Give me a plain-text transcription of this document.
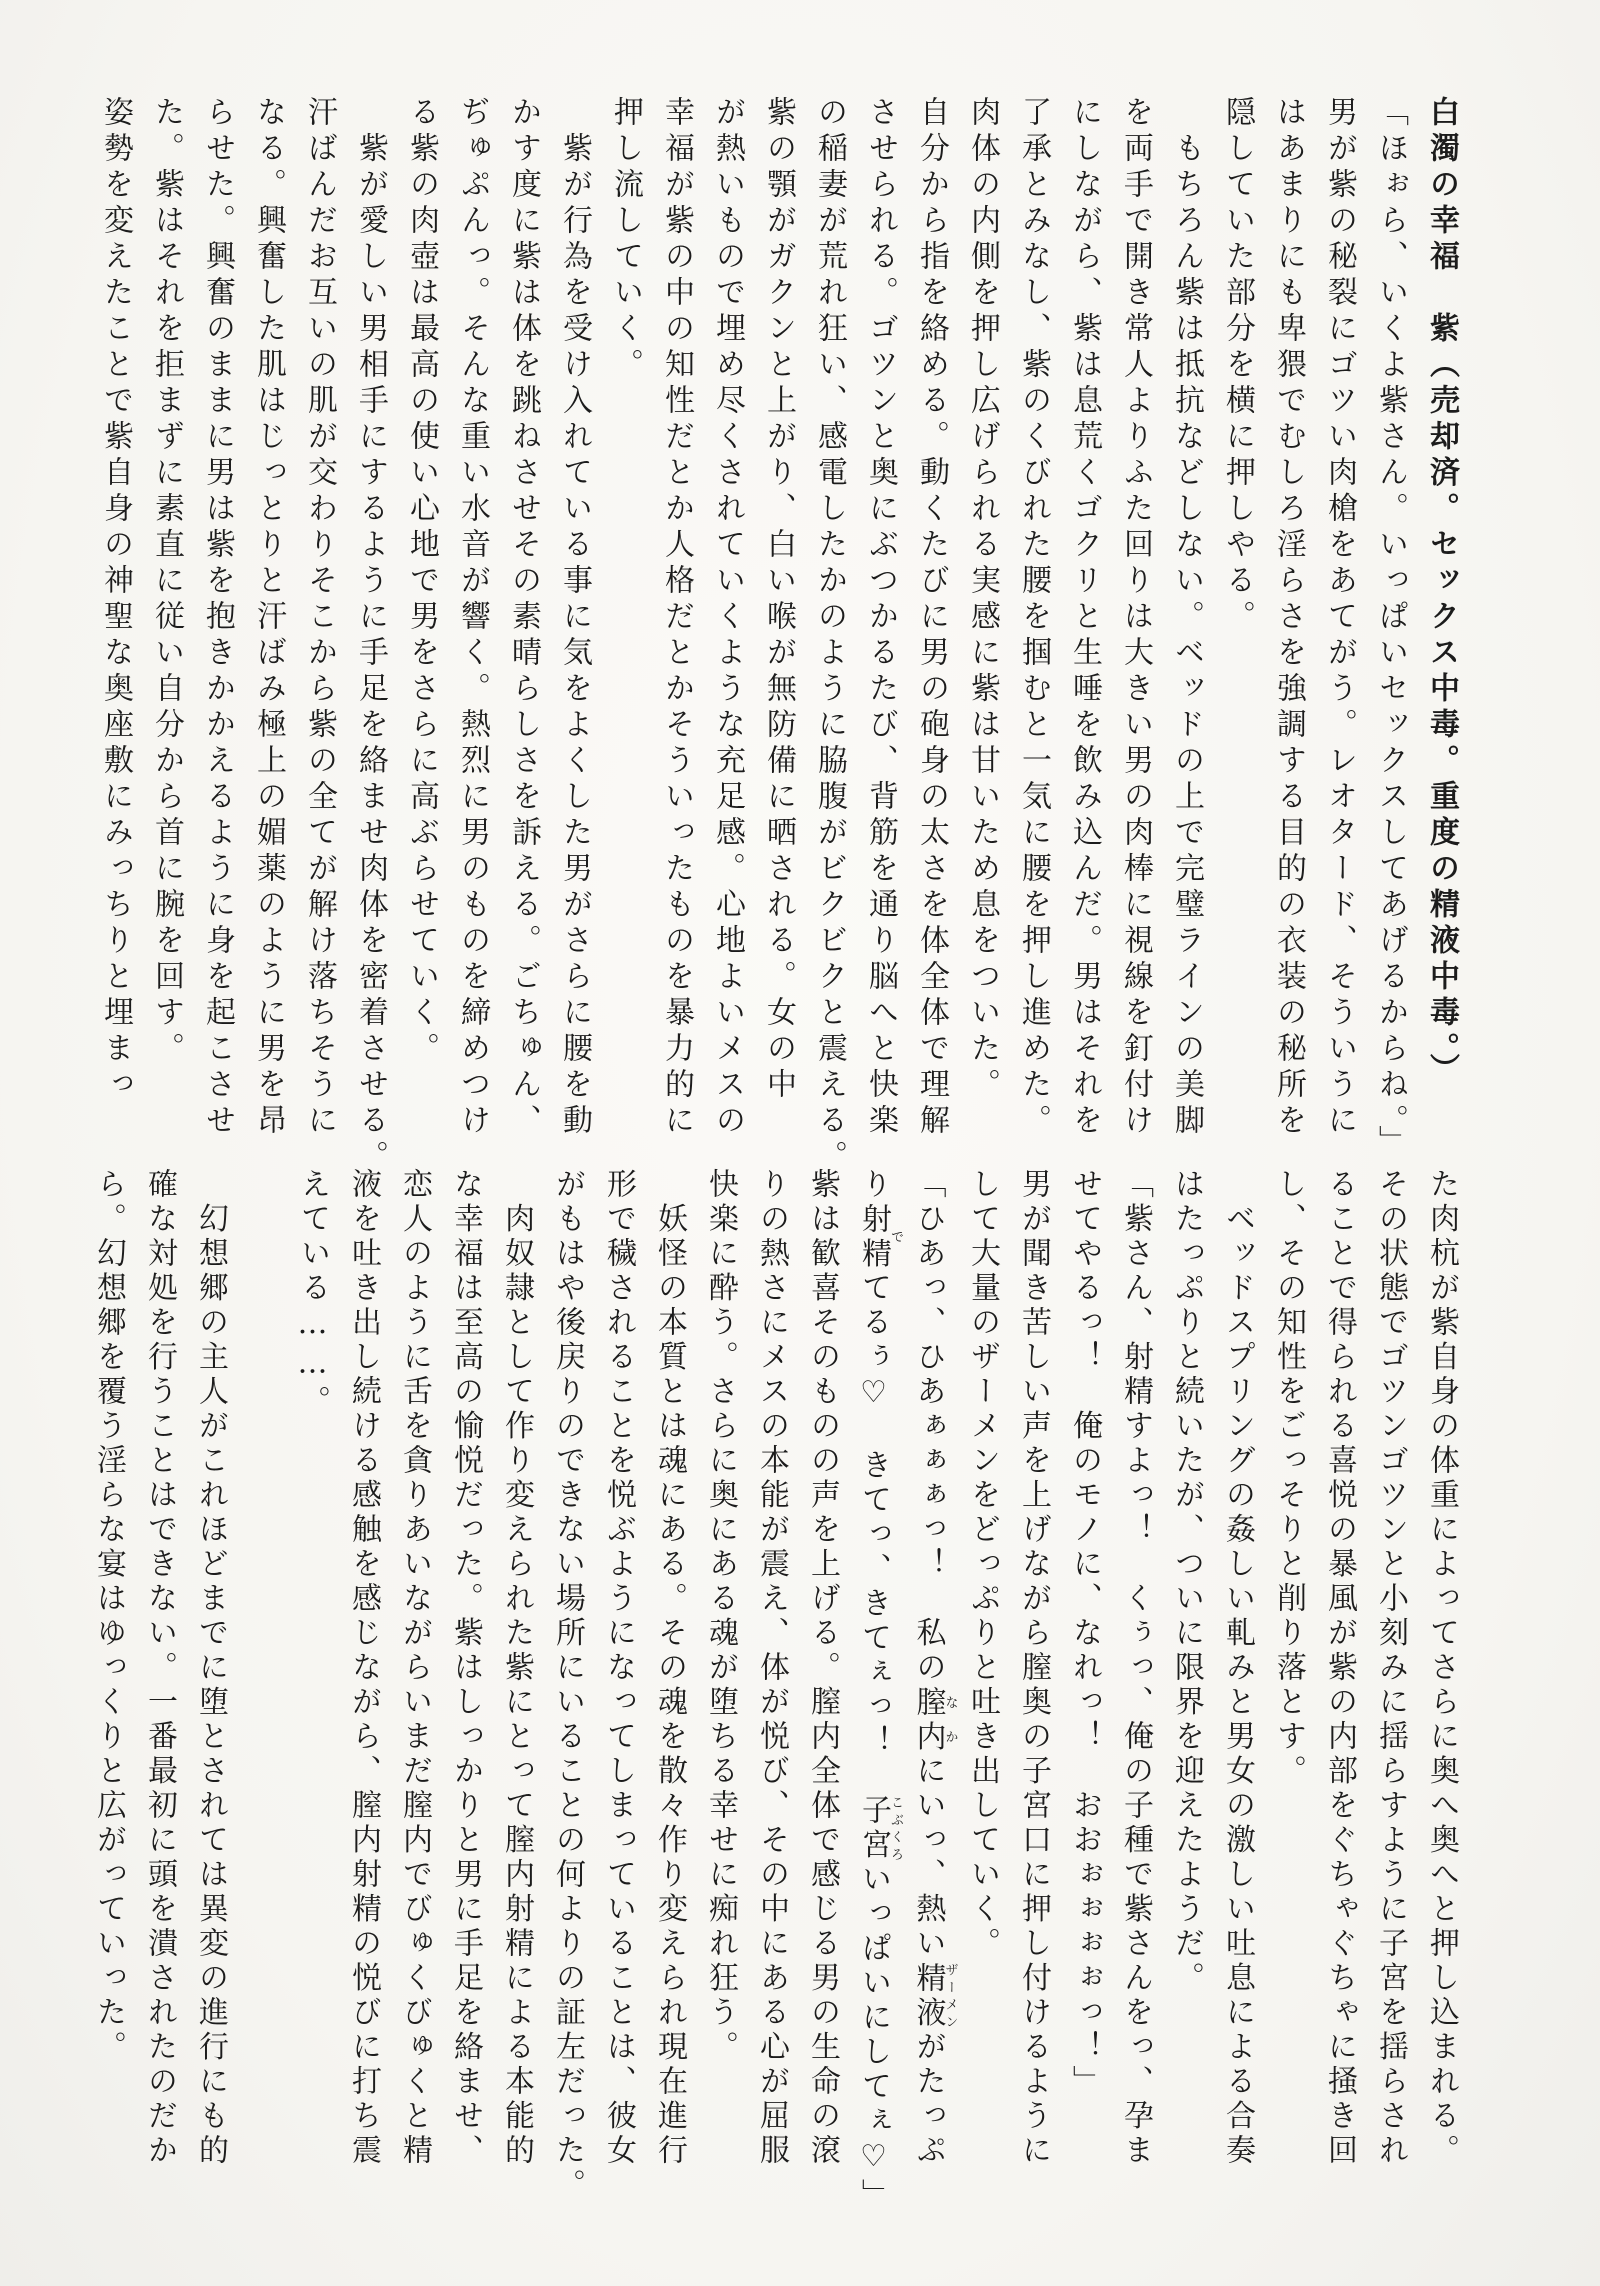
白濁の幸福　紫（売却済。セックス中毒。重度の精液中毒。）
「ほぉら、いくよ紫さん。いっぱいセックスしてあげるからね。」
男が紫の秘裂にゴツい肉槍をあてがう。レオタード、そういうに
はあまりにも卑猥でむしろ淫らさを強調する目的の衣装の秘所を
隠していた部分を横に押しやる。
　もちろん紫は抵抗などしない。ベッドの上で完璧ラインの美脚
を両手で開き常人よりふた回りは大きい男の肉棒に視線を釘付け
にしながら、紫は息荒くゴクリと生唾を飲み込んだ。男はそれを
了承とみなし、紫のくびれた腰を掴むと一気に腰を押し進めた。
肉体の内側を押し広げられる実感に紫は甘いため息をついた。
自分から指を絡める。動くたびに男の砲身の太さを体全体で理解
させられる。ゴツンと奥にぶつかるたび、背筋を通り脳へと快楽
の稲妻が荒れ狂い、感電したかのように脇腹がビクビクと震える。
紫の顎がガクンと上がり、白い喉が無防備に晒される。女の中
が熱いもので埋め尽くされていくような充足感。心地よいメスの
幸福が紫の中の知性だとか人格だとかそういったものを暴力的に
押し流していく。
　紫が行為を受け入れている事に気をよくした男がさらに腰を動
かす度に紫は体を跳ねさせその素晴らしさを訴える。ごちゅん、
ぢゅぷんっ。そんな重い水音が響く。熱烈に男のものを締めつけ
る紫の肉壺は最高の使い心地で男をさらに高ぶらせていく。
　紫が愛しい男相手にするように手足を絡ませ肉体を密着させる。
汗ばんだお互いの肌が交わりそこから紫の全てが解け落ちそうに
なる。興奮した肌はじっとりと汗ばみ極上の媚薬のように男を昂
らせた。興奮のままに男は紫を抱きかかえるように身を起こさせ
た。紫はそれを拒まずに素直に従い自分から首に腕を回す。
姿勢を変えたことで紫自身の神聖な奥座敷にみっちりと埋まっ
た肉杭が紫自身の体重によってさらに奥へ奥へと押し込まれる。
その状態でゴツンゴツンと小刻みに揺らすように子宮を揺らされ
ることで得られる喜悦の暴風が紫の内部をぐちゃぐちゃに掻き回
し、その知性をごっそりと削り落とす。
　ベッドスプリングの姦しい軋みと男女の激しい吐息による合奏
はたっぷりと続いたが、ついに限界を迎えたようだ。
「紫さん、射精すよっ！　くぅっ、俺の子種で紫さんをっ、孕ま
せてやるっ！　俺のモノに、なれっ！　おおぉぉぉぉっ！」
男が聞き苦しい声を上げながら膣奥の子宮口に押し付けるように
して大量のザーメンをどっぷりと吐き出していく。
「ひあっ、ひあぁぁぁっ！　私の膣内なかにいっ、熱い精液ザーメンがたっぷ
り射精でてるぅ♡　きてっ、きてぇっ！　子宮こぶくろいっぱいにしてぇ♡」
紫は歓喜そのものの声を上げる。膣内全体で感じる男の生命の滾
りの熱さにメスの本能が震え、体が悦び、その中にある心が屈服
快楽に酔う。さらに奥にある魂が堕ちる幸せに痴れ狂う。
　妖怪の本質とは魂にある。その魂を散々作り変えられ現在進行
形で穢されることを悦ぶようになってしまっていることは、彼女
がもはや後戻りのできない場所にいることの何よりの証左だった。
　肉奴隷として作り変えられた紫にとって膣内射精による本能的
な幸福は至高の愉悦だった。紫はしっかりと男に手足を絡ませ、
恋人のように舌を貪りあいながらいまだ膣内でびゅくびゅくと精
液を吐き出し続ける感触を感じながら、膣内射精の悦びに打ち震
えている……。

　幻想郷の主人がこれほどまでに堕とされては異変の進行にも的
確な対処を行うことはできない。一番最初に頭を潰されたのだか
ら。幻想郷を覆う淫らな宴はゆっくりと広がっていった。
